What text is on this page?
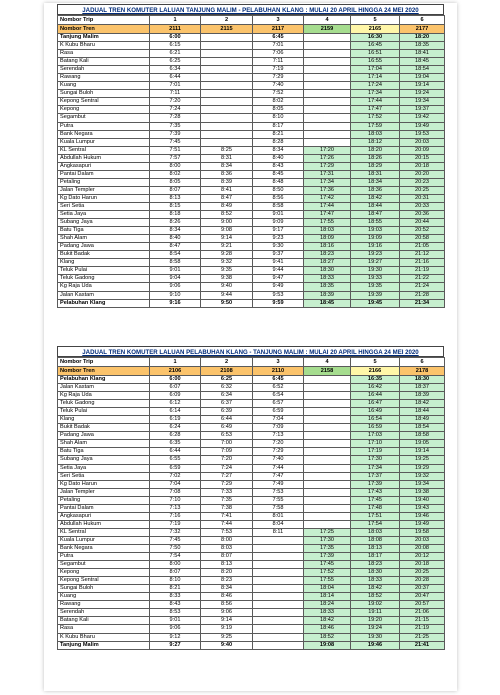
JADUAL TREN KOMUTER LALUAN TANJUNG MALIM - PELABUHAN KLANG : MULAI 20 APRIL HINGGA 24 MEI 2020
Nombor Trip	1	2	3	4	5	6
Nombor Tren	2111	2115	2117	2159	2165	2177
Tanjung Malim	6:00		6:45		16:30	18:20
K Kubu Bharu	6:15		7:01		16:45	18:35
Rasa	6:21		7:06		16:51	18:41
Batang Kali	6:25		7:11		16:55	18:45
Serendah	6:34		7:19		17:04	18:54
Rawang	6:44		7:29		17:14	19:04
Kuang	7:01		7:40		17:24	19:14
Sungai Buloh	7:11		7:52		17:34	19:24
Kepong Sentral	7:20		8:02		17:44	19:34
Kepong	7:24		8:05		17:47	19:37
Segambut	7:28		8:10		17:52	19:42
Putra	7:35		8:17		17:59	19:49
Bank Negara	7:39		8:21		18:03	19:53
Kuala Lumpur	7:45		8:28		18:12	20:03
KL Sentral	7:51	8:25	8:34	17:20	18:20	20:09
Abdullah Hukum	7:57	8:31	8:40	17:26	18:26	20:15
Angkasapuri	8:00	8:34	8:43	17:29	18:29	20:18
Pantai Dalam	8:02	8:36	8:45	17:31	18:31	20:20
Petaling	8:05	8:39	8:48	17:34	18:34	20:23
Jalan Templer	8:07	8:41	8:50	17:36	18:36	20:25
Kg Dato Harun	8:13	8:47	8:56	17:42	18:42	20:31
Seri Setia	8:15	8:49	8:58	17:44	18:44	20:33
Setia Jaya	8:18	8:52	9:01	17:47	18:47	20:36
Subang Jaya	8:26	9:00	9:09	17:55	18:55	20:44
Batu Tiga	8:34	9:08	9:17	18:03	19:03	20:52
Shah Alam	8:40	9:14	9:23	18:09	19:09	20:58
Padang Jawa	8:47	9:21	9:30	18:16	19:16	21:05
Bukit Badak	8:54	9:28	9:37	18:23	19:23	21:12
Klang	8:58	9:32	9:41	18:27	19:27	21:16
Teluk Pulai	9:01	9:35	9:44	18:30	19:30	21:19
Teluk Gadong	9:04	9:38	9:47	18:33	19:33	21:22
Kg Raja Uda	9:06	9:40	9:49	18:35	19:35	21:24
Jalan Kastam	9:10	9:44	9:53	18:39	19:39	21:28
Pelabuhan Klang	9:16	9:50	9:59	18:45	19:45	21:34
JADUAL TREN KOMUTER LALUAN PELABUHAN KLANG - TANJUNG MALIM : MULAI 20 APRIL HINGGA 24 MEI 2020
Nombor Trip	1	2	3	4	5	6
Nombor Tren	2106	2108	2110	2158	2166	2178
Pelabuhan Klang	6:00	6:25	6:45		16:35	18:30
Jalan Kastam	6:07	6:32	6:52		16:42	18:37
Kg Raja Uda	6:09	6:34	6:54		16:44	18:39
Teluk Gadong	6:12	6:37	6:57		16:47	18:42
Teluk Pulai	6:14	6:39	6:59		16:49	18:44
Klang	6:19	6:44	7:04		16:54	18:49
Bukit Badak	6:24	6:49	7:09		16:59	18:54
Padang Jawa	6:28	6:53	7:13		17:03	18:58
Shah Alam	6:35	7:00	7:20		17:10	19:05
Batu Tiga	6:44	7:09	7:29		17:19	19:14
Subang Jaya	6:55	7:20	7:40		17:30	19:25
Setia Jaya	6:59	7:24	7:44		17:34	19:29
Seri Setia	7:02	7:27	7:47		17:37	19:32
Kg Dato Harun	7:04	7:29	7:49		17:39	19:34
Jalan Templer	7:08	7:33	7:53		17:43	19:38
Petaling	7:10	7:35	7:55		17:45	19:40
Pantai Dalam	7:13	7:38	7:58		17:48	19:43
Angkasapuri	7:16	7:41	8:01		17:51	19:46
Abdullah Hukum	7:19	7:44	8:04		17:54	19:49
KL Sentral	7:32	7:53	8:11	17:25	18:03	19:58
Kuala Lumpur	7:45	8:00		17:30	18:08	20:03
Bank Negara	7:50	8:03		17:35	18:13	20:08
Putra	7:54	8:07		17:39	18:17	20:12
Segambut	8:00	8:13		17:45	18:23	20:18
Kepong	8:07	8:20		17:52	18:30	20:25
Kepong Sentral	8:10	8:23		17:55	18:33	20:28
Sungai Buloh	8:21	8:34		18:04	18:42	20:37
Kuang	8:33	8:46		18:14	18:52	20:47
Rawang	8:43	8:56		18:24	19:02	20:57
Serendah	8:53	9:06		18:33	19:11	21:06
Batang Kali	9:01	9:14		18:42	19:20	21:15
Rasa	9:06	9:19		18:46	19:24	21:19
K Kubu Bharu	9:12	9:25		18:52	19:30	21:25
Tanjung Malim	9:27	9:40		19:08	19:46	21:41
